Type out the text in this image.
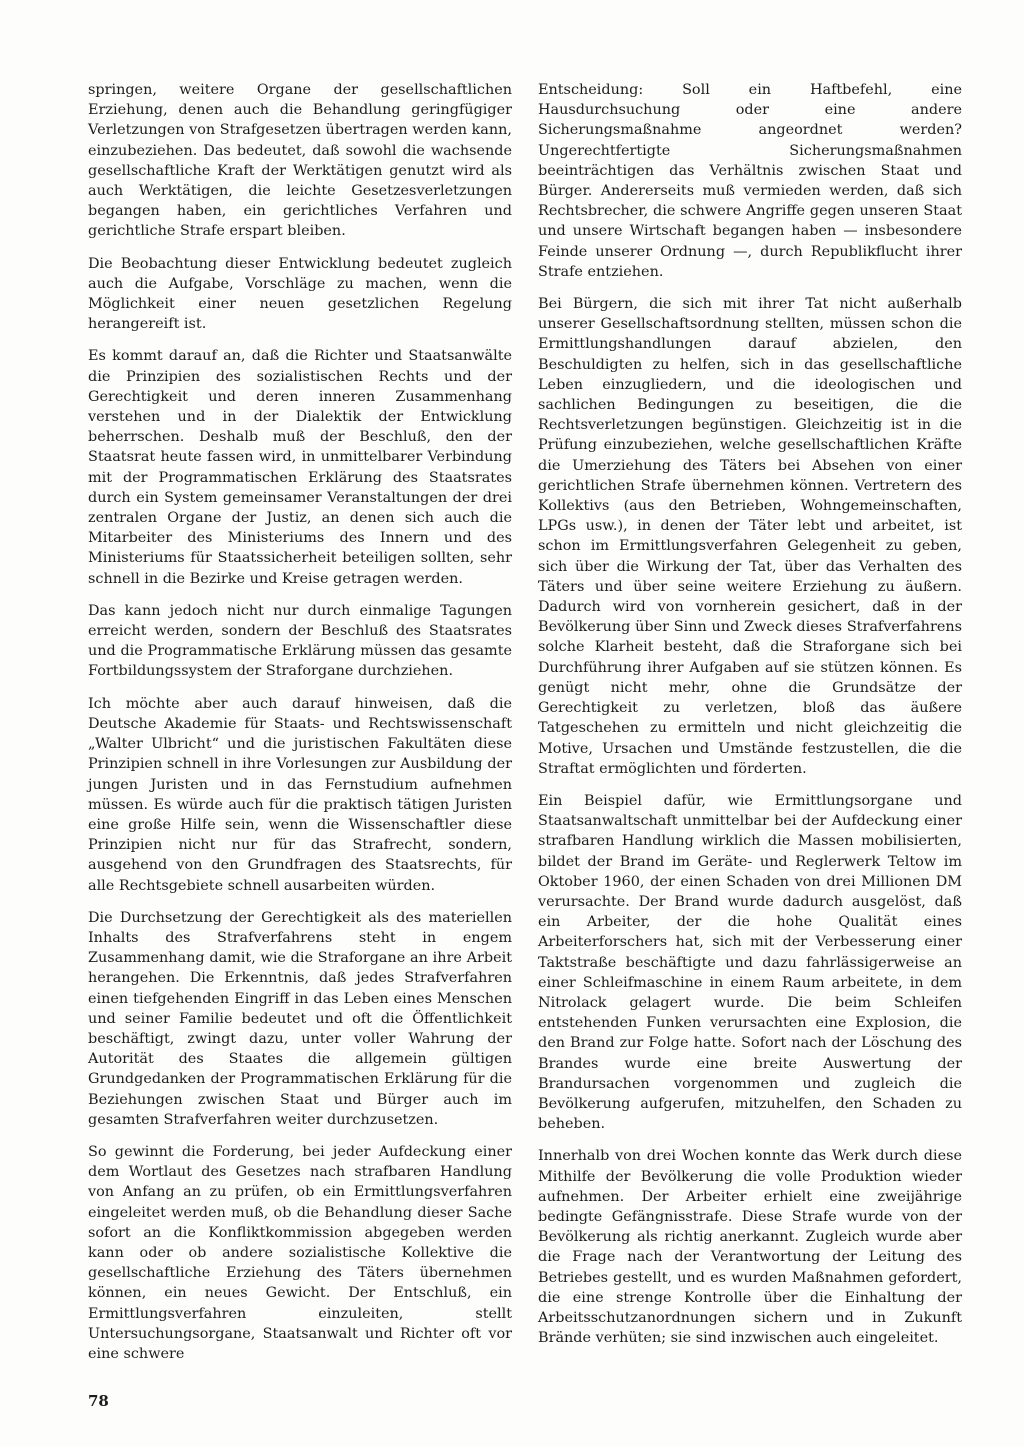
springen, weitere Organe der gesellschaftlichen Erziehung, denen auch die Behandlung geringfügiger Verletzungen von Strafgesetzen übertragen werden kann, einzubeziehen. Das bedeutet, daß sowohl die wachsende gesellschaftliche Kraft der Werktätigen genutzt wird als auch Werktätigen, die leichte Gesetzesverletzungen begangen haben, ein gerichtliches Verfahren und gerichtliche Strafe erspart bleiben.

Die Beobachtung dieser Entwicklung bedeutet zugleich auch die Aufgabe, Vorschläge zu machen, wenn die Möglichkeit einer neuen gesetzlichen Regelung herangereift ist.

Es kommt darauf an, daß die Richter und Staatsanwälte die Prinzipien des sozialistischen Rechts und der Gerechtigkeit und deren inneren Zusammenhang verstehen und in der Dialektik der Entwicklung beherrschen. Deshalb muß der Beschluß, den der Staatsrat heute fassen wird, in unmittelbarer Verbindung mit der Programmatischen Erklärung des Staatsrates durch ein System gemeinsamer Veranstaltungen der drei zentralen Organe der Justiz, an denen sich auch die Mitarbeiter des Ministeriums des Innern und des Ministeriums für Staatssicherheit beteiligen sollten, sehr schnell in die Bezirke und Kreise getragen werden.

Das kann jedoch nicht nur durch einmalige Tagungen erreicht werden, sondern der Beschluß des Staatsrates und die Programmatische Erklärung müssen das gesamte Fortbildungssystem der Straforgane durchziehen.

Ich möchte aber auch darauf hinweisen, daß die Deutsche Akademie für Staats- und Rechtswissenschaft „Walter Ulbricht“ und die juristischen Fakultäten diese Prinzipien schnell in ihre Vorlesungen zur Ausbildung der jungen Juristen und in das Fernstudium aufnehmen müssen. Es würde auch für die praktisch tätigen Juristen eine große Hilfe sein, wenn die Wissenschaftler diese Prinzipien nicht nur für das Strafrecht, sondern, ausgehend von den Grundfragen des Staatsrechts, für alle Rechtsgebiete schnell ausarbeiten würden.

Die Durchsetzung der Gerechtigkeit als des materiellen Inhalts des Strafverfahrens steht in engem Zusammenhang damit, wie die Straforgane an ihre Arbeit herangehen. Die Erkenntnis, daß jedes Strafverfahren einen tiefgehenden Eingriff in das Leben eines Menschen und seiner Familie bedeutet und oft die Öffentlichkeit beschäftigt, zwingt dazu, unter voller Wahrung der Autorität des Staates die allgemein gültigen Grundgedanken der Programmatischen Erklärung für die Beziehungen zwischen Staat und Bürger auch im gesamten Strafverfahren weiter durchzusetzen.

So gewinnt die Forderung, bei jeder Aufdeckung einer dem Wortlaut des Gesetzes nach strafbaren Handlung von Anfang an zu prüfen, ob ein Ermittlungsverfahren eingeleitet werden muß, ob die Behandlung dieser Sache sofort an die Konfliktkommission abgegeben werden kann oder ob andere sozialistische Kollektive die gesellschaftliche Erziehung des Täters übernehmen können, ein neues Gewicht. Der Entschluß, ein Ermittlungsverfahren einzuleiten, stellt Untersuchungsorgane, Staatsanwalt und Richter oft vor eine schwere

Entscheidung: Soll ein Haftbefehl, eine Hausdurchsuchung oder eine andere Sicherungsmaßnahme angeordnet werden? Ungerechtfertigte Sicherungsmaßnahmen beeinträchtigen das Verhältnis zwischen Staat und Bürger. Andererseits muß vermieden werden, daß sich Rechtsbrecher, die schwere Angriffe gegen unseren Staat und unsere Wirtschaft begangen haben — insbesondere Feinde unserer Ordnung —, durch Republikflucht ihrer Strafe entziehen.

Bei Bürgern, die sich mit ihrer Tat nicht außerhalb unserer Gesellschaftsordnung stellten, müssen schon die Ermittlungshandlungen darauf abzielen, den Beschuldigten zu helfen, sich in das gesellschaftliche Leben einzugliedern, und die ideologischen und sachlichen Bedingungen zu beseitigen, die die Rechtsverletzungen begünstigen. Gleichzeitig ist in die Prüfung einzubeziehen, welche gesellschaftlichen Kräfte die Umerziehung des Täters bei Absehen von einer gerichtlichen Strafe übernehmen können. Vertretern des Kollektivs (aus den Betrieben, Wohngemeinschaften, LPGs usw.), in denen der Täter lebt und arbeitet, ist schon im Ermittlungsverfahren Gelegenheit zu geben, sich über die Wirkung der Tat, über das Verhalten des Täters und über seine weitere Erziehung zu äußern. Dadurch wird von vornherein gesichert, daß in der Bevölkerung über Sinn und Zweck dieses Strafverfahrens solche Klarheit besteht, daß die Straforgane sich bei Durchführung ihrer Aufgaben auf sie stützen können. Es genügt nicht mehr, ohne die Grundsätze der Gerechtigkeit zu verletzen, bloß das äußere Tatgeschehen zu ermitteln und nicht gleichzeitig die Motive, Ursachen und Umstände festzustellen, die die Straftat ermöglichten und förderten.

Ein Beispiel dafür, wie Ermittlungsorgane und Staatsanwaltschaft unmittelbar bei der Aufdeckung einer strafbaren Handlung wirklich die Massen mobilisierten, bildet der Brand im Geräte- und Reglerwerk Teltow im Oktober 1960, der einen Schaden von drei Millionen DM verursachte. Der Brand wurde dadurch ausgelöst, daß ein Arbeiter, der die hohe Qualität eines Arbeiterforschers hat, sich mit der Verbesserung einer Taktstraße beschäftigte und dazu fahrlässigerweise an einer Schleifmaschine in einem Raum arbeitete, in dem Nitrolack gelagert wurde. Die beim Schleifen entstehenden Funken verursachten eine Explosion, die den Brand zur Folge hatte. Sofort nach der Löschung des Brandes wurde eine breite Auswertung der Brandursachen vorgenommen und zugleich die Bevölkerung aufgerufen, mitzuhelfen, den Schaden zu beheben.

Innerhalb von drei Wochen konnte das Werk durch diese Mithilfe der Bevölkerung die volle Produktion wieder aufnehmen. Der Arbeiter erhielt eine zweijährige bedingte Gefängnisstrafe. Diese Strafe wurde von der Bevölkerung als richtig anerkannt. Zugleich wurde aber die Frage nach der Verantwortung der Leitung des Betriebes gestellt, und es wurden Maßnahmen gefordert, die eine strenge Kontrolle über die Einhaltung der Arbeitsschutzanordnungen sichern und in Zukunft Brände verhüten; sie sind inzwischen auch eingeleitet.

78
